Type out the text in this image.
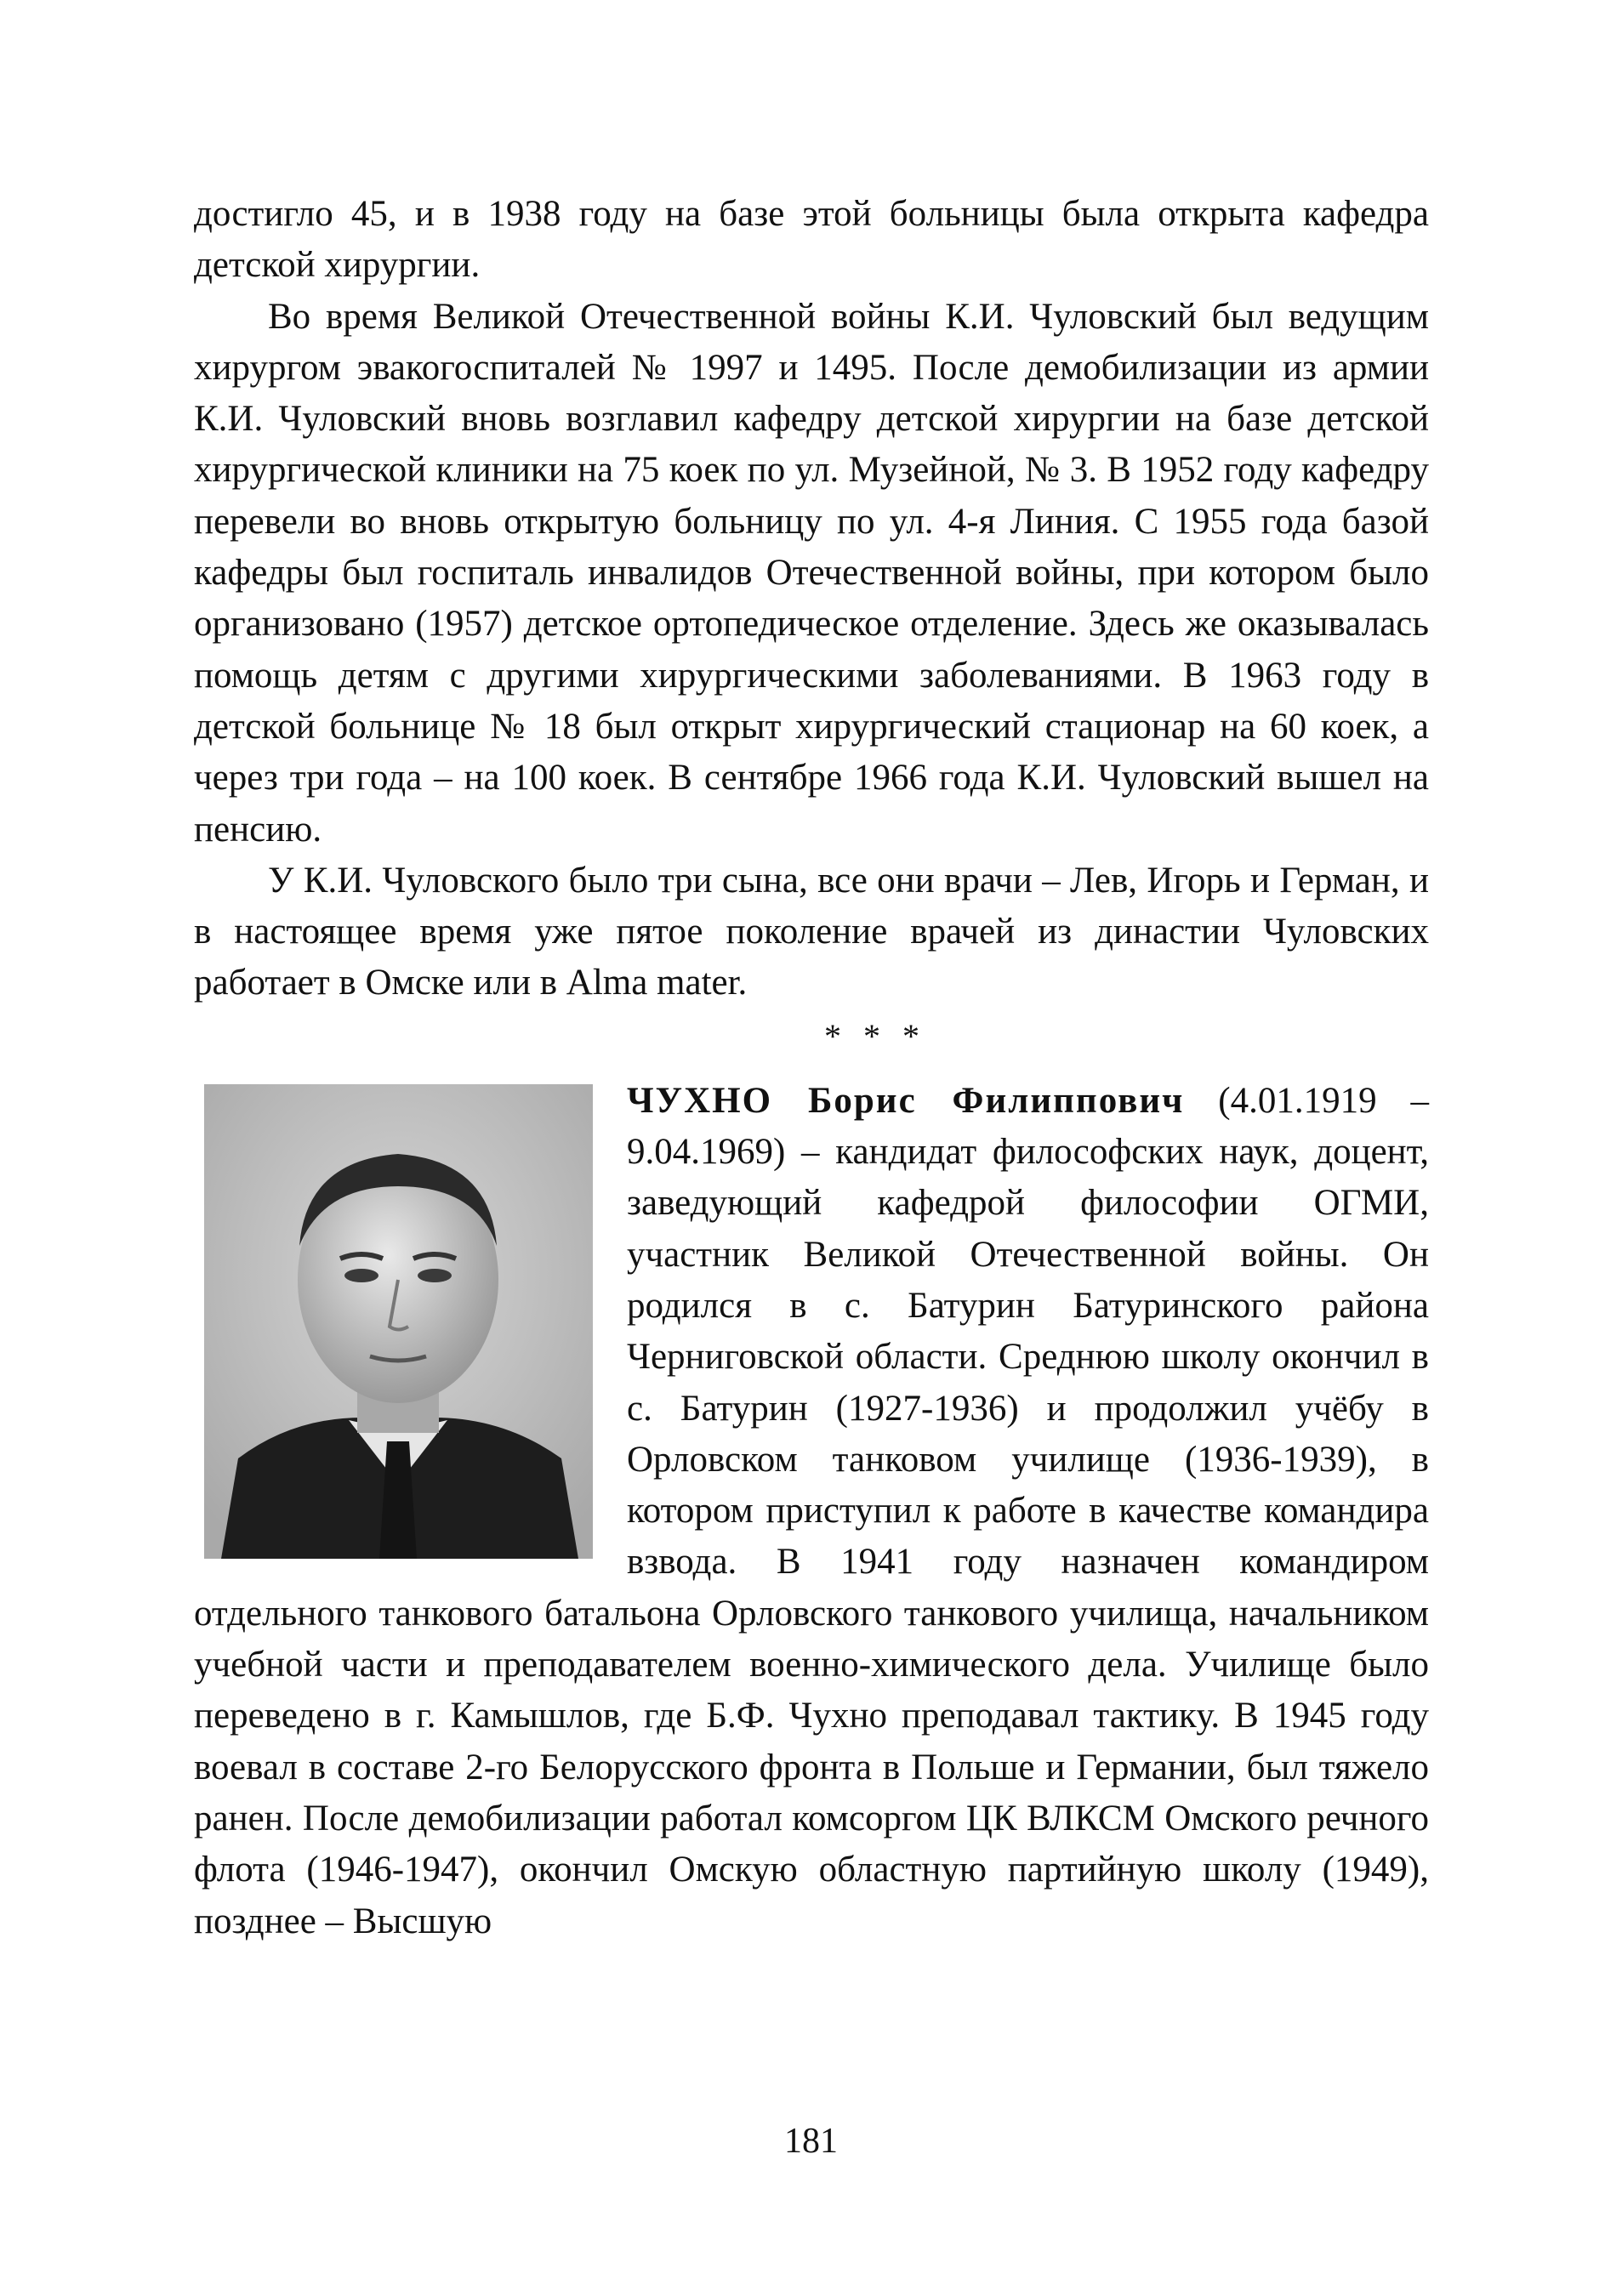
достигло 45, и в 1938 году на базе этой больницы была открыта кафедра детской хирургии.

Во время Великой Отечественной войны К.И. Чуловский был ведущим хирургом эвакогоспиталей № 1997 и 1495. После демобилизации из армии К.И. Чуловский вновь возглавил кафедру детской хирургии на базе детской хирургической клиники на 75 коек по ул. Музейной, № 3. В 1952 году кафедру перевели во вновь открытую больницу по ул. 4-я Линия. С 1955 года базой кафедры был госпиталь инвалидов Отечественной войны, при котором было организовано (1957) детское ортопедическое отделение. Здесь же оказывалась помощь детям с другими хирургическими заболеваниями. В 1963 году в детской больнице № 18 был открыт хирургический стационар на 60 коек, а через три года – на 100 коек. В сентябре 1966 года К.И. Чуловский вышел на пенсию.

У К.И. Чуловского было три сына, все они врачи – Лев, Игорь и Герман, и в настоящее время уже пятое поколение врачей из династии Чуловских работает в Омске или в Alma mater.

* * *

ЧУХНО Борис Филиппович (4.01.1919 – 9.04.1969) – кандидат философских наук, доцент, заведующий кафедрой философии ОГМИ, участник Великой Отечественной войны. Он родился в с. Батурин Батуринского района Черниговской области. Среднюю школу окончил в с. Батурин (1927-1936) и продолжил учёбу в Орловском танковом училище (1936-1939), в котором приступил к работе в качестве командира взвода. В 1941 году назначен командиром отдельного танкового батальона Орловского танкового училища, начальником учебной части и преподавателем военно-химического дела. Училище было переведено в г. Камышлов, где Б.Ф. Чухно преподавал тактику. В 1945 году воевал в составе 2-го Белорусского фронта в Польше и Германии, был тяжело ранен. После демобилизации работал комсоргом ЦК ВЛКСМ Омского речного флота (1946-1947), окончил Омскую областную партийную школу (1949), позднее – Высшую

181
